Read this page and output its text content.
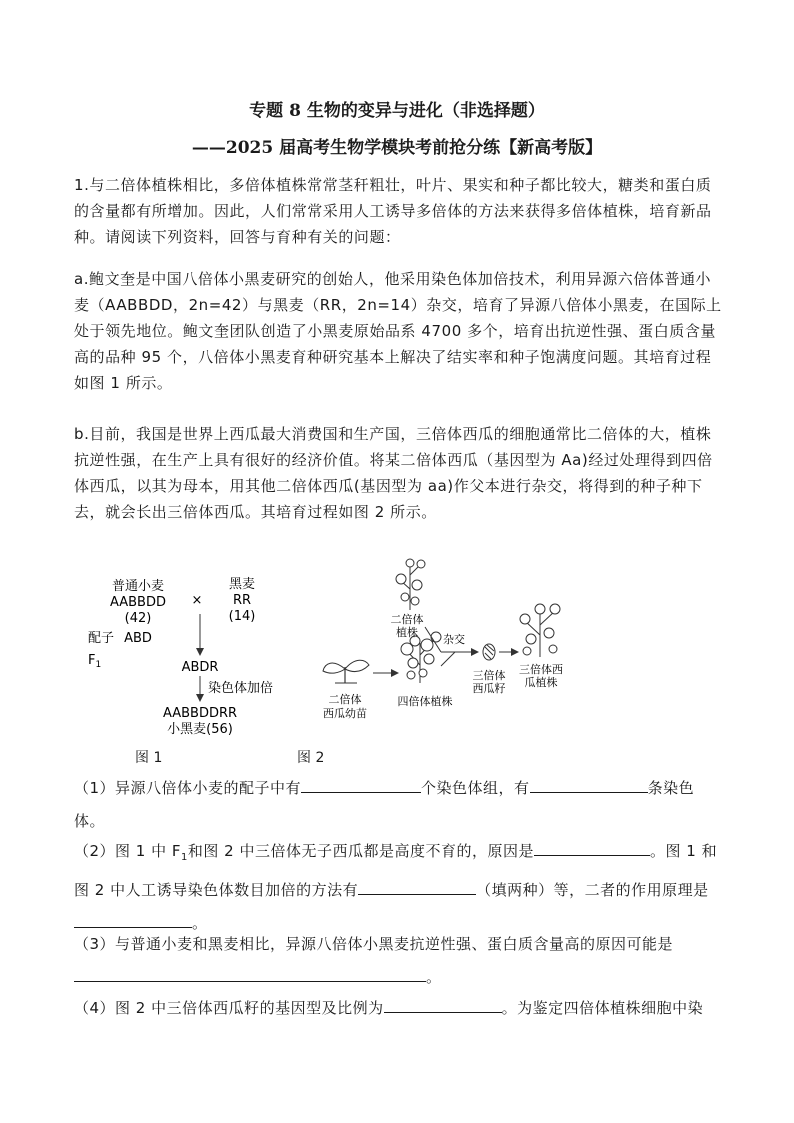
专题 8 生物的变异与进化（非选择题）
——2025 届高考生物学模块考前抢分练【新高考版】
1.与二倍体植株相比，多倍体植株常常茎秆粗壮，叶片、果实和种子都比较大，糖类和蛋白质的含量都有所增加。因此，人们常常采用人工诱导多倍体的方法来获得多倍体植株，培育新品种。请阅读下列资料，回答与育种有关的问题：
a.鲍文奎是中国八倍体小黑麦研究的创始人，他采用染色体加倍技术，利用异源六倍体普通小麦（AABBDD，2n=42）与黑麦（RR，2n=14）杂交，培育了异源八倍体小黑麦，在国际上处于领先地位。鲍文奎团队创造了小黑麦原始品系 4700 多个，培育出抗逆性强、蛋白质含量高的品种 95 个，八倍体小黑麦育种研究基本上解决了结实率和种子饱满度问题。其培育过程如图 1 所示。
b.目前，我国是世界上西瓜最大消费国和生产国，三倍体西瓜的细胞通常比二倍体的大，植株抗逆性强，在生产上具有很好的经济价值。将某二倍体西瓜（基因型为 Aa)经过处理得到四倍体西瓜，以其为母本，用其他二倍体西瓜(基因型为 aa)作父本进行杂交，将得到的种子种下去，就会长出三倍体西瓜。其培育过程如图 2 所示。
普通小麦
AABBDD
(42)
×
黑麦
RR
(14)
配子 ABD
$F_1$	ABDR
染色体加倍
AABBDDRR
小黑麦(56)
图 1
二倍体
西瓜幼苗
四倍体植株
二倍体
植株
杂交
三倍体
西瓜籽
三倍体西
瓜植株
图 2
（1）异源八倍体小麦的配子中有	个染色体组，有	条染色
体。
（2）图 1 中 $F_1$和图 2 中三倍体无子西瓜都是高度不育的，原因是	。图 1 和
图 2 中人工诱导染色体数目加倍的方法有	（填两种）等，二者的作用原理是
。
（3）与普通小麦和黑麦相比，异源八倍体小黑麦抗逆性强、蛋白质含量高的原因可能是
。
（4）图 2 中三倍体西瓜籽的基因型及比例为	。为鉴定四倍体植株细胞中染
